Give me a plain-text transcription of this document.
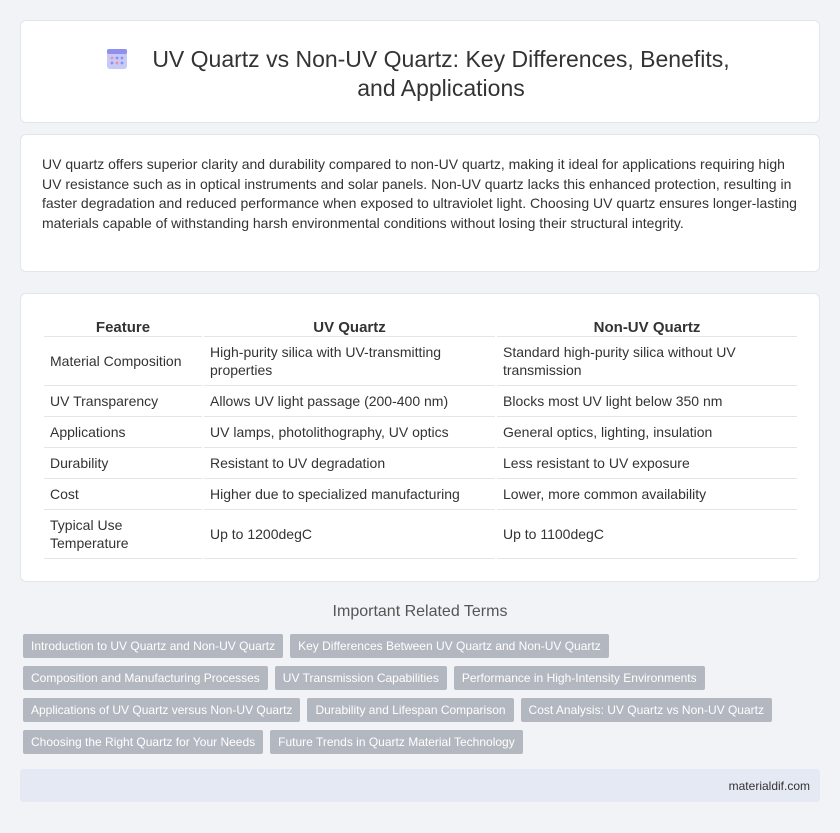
UV Quartz vs Non-UV Quartz: Key Differences, Benefits, and Applications

UV quartz offers superior clarity and durability compared to non-UV quartz, making it ideal for applications requiring high UV resistance such as in optical instruments and solar panels. Non-UV quartz lacks this enhanced protection, resulting in faster degradation and reduced performance when exposed to ultraviolet light. Choosing UV quartz ensures longer-lasting materials capable of withstanding harsh environmental conditions without losing their structural integrity.

Feature	UV Quartz	Non-UV Quartz
Material Composition	High-purity silica with UV-transmitting properties	Standard high-purity silica without UV transmission
UV Transparency	Allows UV light passage (200-400 nm)	Blocks most UV light below 350 nm
Applications	UV lamps, photolithography, UV optics	General optics, lighting, insulation
Durability	Resistant to UV degradation	Less resistant to UV exposure
Cost	Higher due to specialized manufacturing	Lower, more common availability
Typical Use Temperature	Up to 1200degC	Up to 1100degC
Important Related Terms
Introduction to UV Quartz and Non-UV Quartz	Key Differences Between UV Quartz and Non-UV Quartz
Composition and Manufacturing Processes	UV Transmission Capabilities	Performance in High-Intensity Environments
Applications of UV Quartz versus Non-UV Quartz	Durability and Lifespan Comparison	Cost Analysis: UV Quartz vs Non-UV Quartz
Choosing the Right Quartz for Your Needs	Future Trends in Quartz Material Technology
materialdif.com
